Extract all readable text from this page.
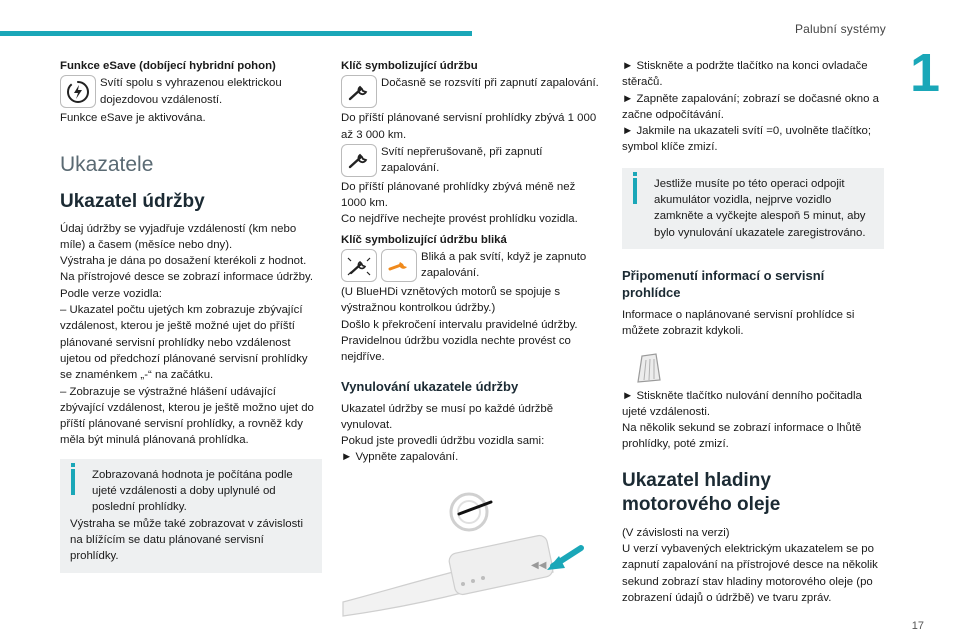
Palubní systémy
1
17

Funkce eSave (dobíjecí hybridní pohon)

Svítí spolu s vyhrazenou elektrickou dojezdovou vzdáleností.

Funkce eSave je aktivována.

Ukazatele
Ukazatel údržby

Údaj údržby se vyjadřuje vzdáleností (km nebo míle) a časem (měsíce nebo dny).

Výstraha je dána po dosažení kterékoli z hodnot.

Na přístrojové desce se zobrazí informace údržby. Podle verze vozidla:

– Ukazatel počtu ujetých km zobrazuje zbývající vzdálenost, kterou je ještě možné ujet do příští plánované servisní prohlídky nebo vzdálenost ujetou od předchozí plánované servisní prohlídky se znaménkem „-“ na začátku.

– Zobrazuje se výstražné hlášení udávající zbývající vzdálenost, kterou je ještě možno ujet do příští plánované servisní prohlídky, a rovněž kdy měla být minulá plánovaná prohlídka.

Zobrazovaná hodnota je počítána podle ujeté vzdálenosti a doby uplynulé od poslední prohlídky.

Výstraha se může také zobrazovat v závislosti na blížícím se datu plánované servisní prohlídky.

Klíč symbolizující údržbu

Dočasně se rozsvítí při zapnutí zapalování.

Do příští plánované servisní prohlídky zbývá 1 000 až 3 000 km.

Svítí nepřerušovaně, při zapnutí zapalování.

Do příští plánované prohlídky zbývá méně než 1000 km.

Co nejdříve nechejte provést prohlídku vozidla.

Klíč symbolizující údržbu bliká

Bliká a pak svítí, když je zapnuto zapalování.

(U BlueHDi vznětových motorů se spojuje s výstražnou kontrolkou údržby.)

Došlo k překročení intervalu pravidelné údržby. Pravidelnou údržbu vozidla nechte provést co nejdříve.

Vynulování ukazatele údržby

Ukazatel údržby se musí po každé údržbě vynulovat.

Pokud jste provedli údržbu vozidla sami:

► Vypněte zapalování.

◀◀

► Stiskněte a podržte tlačítko na konci ovladače stěračů.

► Zapněte zapalování; zobrazí se dočasné okno a začne odpočítávání.

► Jakmile na ukazateli svítí =0, uvolněte tlačítko; symbol klíče zmizí.

Jestliže musíte po této operaci odpojit akumulátor vozidla, nejprve vozidlo zamkněte a vyčkejte alespoň 5 minut, aby bylo vynulování ukazatele zaregistrováno.

Připomenutí informací o servisní prohlídce

Informace o naplánované servisní prohlídce si můžete zobrazit kdykoli.

► Stiskněte tlačítko nulování denního počitadla ujeté vzdálenosti.

Na několik sekund se zobrazí informace o lhůtě prohlídky, poté zmizí.

Ukazatel hladiny motorového oleje

(V závislosti na verzi)

U verzí vybavených elektrickým ukazatelem se po zapnutí zapalování na přístrojové desce na několik sekund zobrazí stav hladiny motorového oleje (po zobrazení údajů o údržbě) ve tvaru zpráv.
